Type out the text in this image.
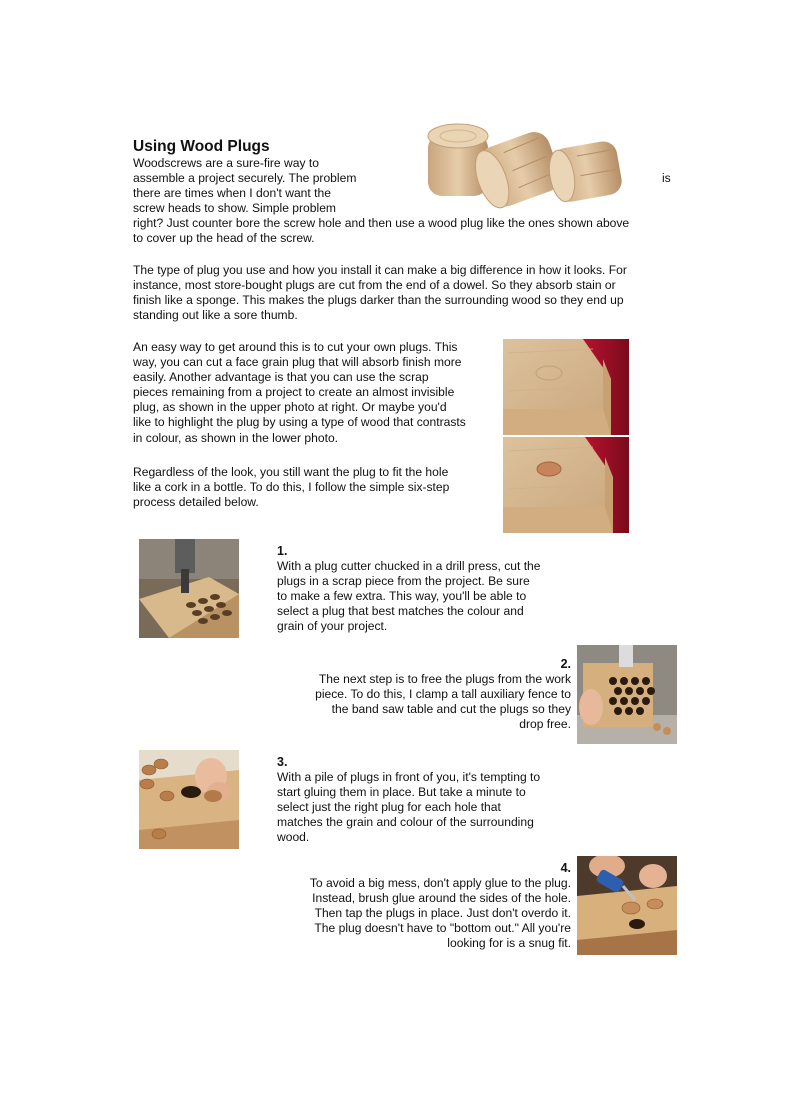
Using Wood Plugs

Woodscrews are a sure-fire way to

assemble a project securely. The problem

there are times when I don't want the

screw heads to show. Simple problem

is

right? Just counter bore the screw hole and then use a wood plug like the ones shown above

to cover up the head of the screw.

The type of plug you use and how you install it can make a big difference in how it looks. For

instance, most store-bought plugs are cut from the end of a dowel. So they absorb stain or

finish like a sponge. This makes the plugs darker than the surrounding wood so they end up

standing out like a sore thumb.

An easy way to get around this is to cut your own plugs. This

way, you can cut a face grain plug that will absorb finish more

easily. Another advantage is that you can use the scrap

pieces remaining from a project to create an almost invisible

plug, as shown in the upper photo at right. Or maybe you'd

like to highlight the plug by using a type of wood that contrasts

in colour, as shown in the lower photo.

Regardless of the look, you still want the plug to fit the hole

like a cork in a bottle. To do this, I follow the simple six-step

process detailed below.

1.

With a plug cutter chucked in a drill press, cut the

plugs in a scrap piece from the project. Be sure

to make a few extra. This way, you'll be able to

select a plug that best matches the colour and

grain of your project.

2.

The next step is to free the plugs from the work

piece. To do this, I clamp a tall auxiliary fence to

the band saw table and cut the plugs so they

drop free.

3.

With a pile of plugs in front of you, it's tempting to

start gluing them in place. But take a minute to

select just the right plug for each hole that

matches the grain and colour of the surrounding

wood.

4.

To avoid a big mess, don't apply glue to the plug.

Instead, brush glue around the sides of the hole.

Then tap the plugs in place. Just don't overdo it.

The plug doesn't have to "bottom out." All you're

looking for is a snug fit.
